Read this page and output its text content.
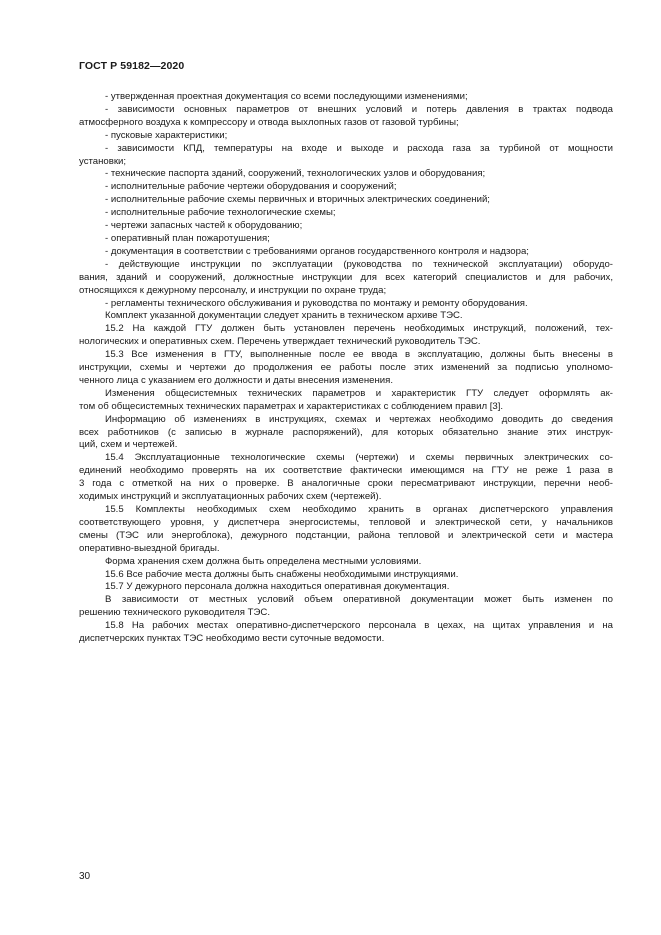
ГОСТ Р 59182—2020

- утвержденная проектная документация со всеми последующими изменениями;

- зависимости основных параметров от внешних условий и потерь давления в трактах подвода

атмосферного воздуха к компрессору и отвода выхлопных газов от газовой турбины;

- пусковые характеристики;

- зависимости КПД, температуры на входе и выходе и расхода газа за турбиной от мощности

установки;

- технические паспорта зданий, сооружений, технологических узлов и оборудования;

- исполнительные рабочие чертежи оборудования и сооружений;

- исполнительные рабочие схемы первичных и вторичных электрических соединений;

- исполнительные рабочие технологические схемы;

- чертежи запасных частей к оборудованию;

- оперативный план пожаротушения;

- документация в соответствии с требованиями органов государственного контроля и надзора;

- действующие инструкции по эксплуатации (руководства по технической эксплуатации) оборудо-

вания, зданий и сооружений, должностные инструкции для всех категорий специалистов и для рабочих,

относящихся к дежурному персоналу, и инструкции по охране труда;

- регламенты технического обслуживания и руководства по монтажу и ремонту оборудования.

Комплект указанной документации следует хранить в техническом архиве ТЭС.

15.2 На каждой ГТУ должен быть установлен перечень необходимых инструкций, положений, тех-

нологических и оперативных схем. Перечень утверждает технический руководитель ТЭС.

15.3 Все изменения в ГТУ, выполненные после ее ввода в эксплуатацию, должны быть внесены в

инструкции, схемы и чертежи до продолжения ее работы после этих изменений за подписью уполномо-

ченного лица с указанием его должности и даты внесения изменения.

Изменения общесистемных технических параметров и характеристик ГТУ следует оформлять ак-

том об общесистемных технических параметрах и характеристиках с соблюдением правил [3].

Информацию об изменениях в инструкциях, схемах и чертежах необходимо доводить до сведения

всех работников (с записью в журнале распоряжений), для которых обязательно знание этих инструк-

ций, схем и чертежей.

15.4 Эксплуатационные технологические схемы (чертежи) и схемы первичных электрических со-

единений необходимо проверять на их соответствие фактически имеющимся на ГТУ не реже 1 раза в

3 года с отметкой на них о проверке. В аналогичные сроки пересматривают инструкции, перечни необ-

ходимых инструкций и эксплуатационных рабочих схем (чертежей).

15.5 Комплекты необходимых схем необходимо хранить в органах диспетчерского управления

соответствующего уровня, у диспетчера энергосистемы, тепловой и электрической сети, у начальников

смены (ТЭС или энергоблока), дежурного подстанции, района тепловой и электрической сети и мастера

оперативно-выездной бригады.

Форма хранения схем должна быть определена местными условиями.

15.6 Все рабочие места должны быть снабжены необходимыми инструкциями.

15.7 У дежурного персонала должна находиться оперативная документация.

В зависимости от местных условий объем оперативной документации может быть изменен по

решению технического руководителя ТЭС.

15.8 На рабочих местах оперативно-диспетчерского персонала в цехах, на щитах управления и на

диспетчерских пунктах ТЭС необходимо вести суточные ведомости.

30
